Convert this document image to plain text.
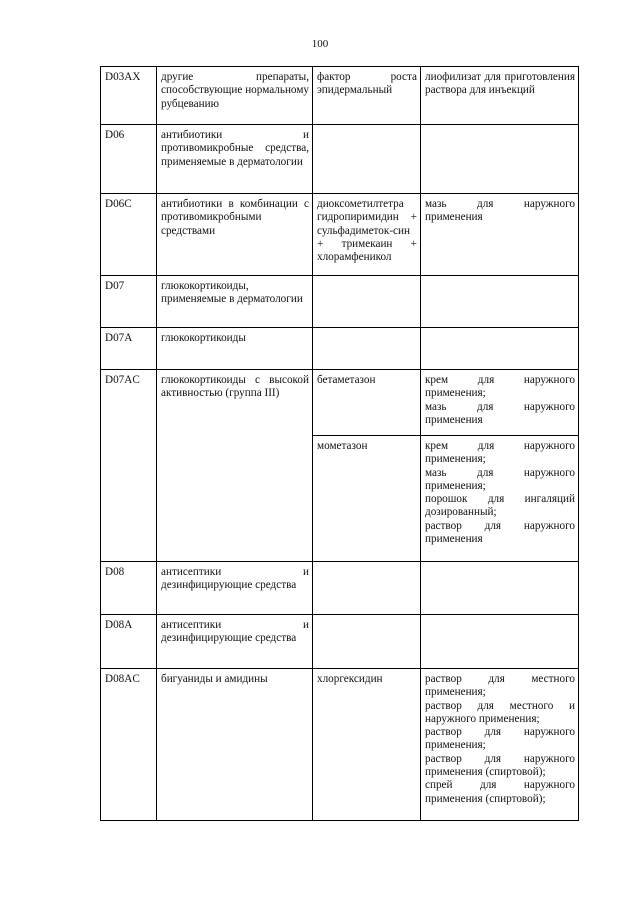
100
D03AX	другие препараты, способствующие нормальному рубцеванию	фактор роста эпидермальный	лиофилизат для приготовления раствора для инъекций

D06	антибиотики и противомикробные средства, применяемые в дерматологии		
D06C	антибиотики в комбинации с противомикробными средствами	диоксометилтетра гидропиримидин + сульфадиметок-син + тримекаин + хлорамфеникол	мазь для наружного применения

D07	глюкокортикоиды, применяемые в дерматологии		
D07A	глюкокортикоиды		
D07AC	глюкокортикоиды с высокой активностью (группа III)	бетаметазон	крем для наружного применения;
мазь для наружного применения

		мометазон	крем для наружного применения;
мазь для наружного применения;
порошок для ингаляций дозированный;
раствор для наружного применения

D08	антисептики и дезинфицирующие средства		
D08A	антисептики и дезинфицирующие средства		
D08AC	бигуаниды и амидины	хлоргексидин	раствор для местного применения;
раствор для местного и наружного применения;
раствор для наружного применения;
раствор для наружного применения (спиртовой);
спрей для наружного применения (спиртовой);
